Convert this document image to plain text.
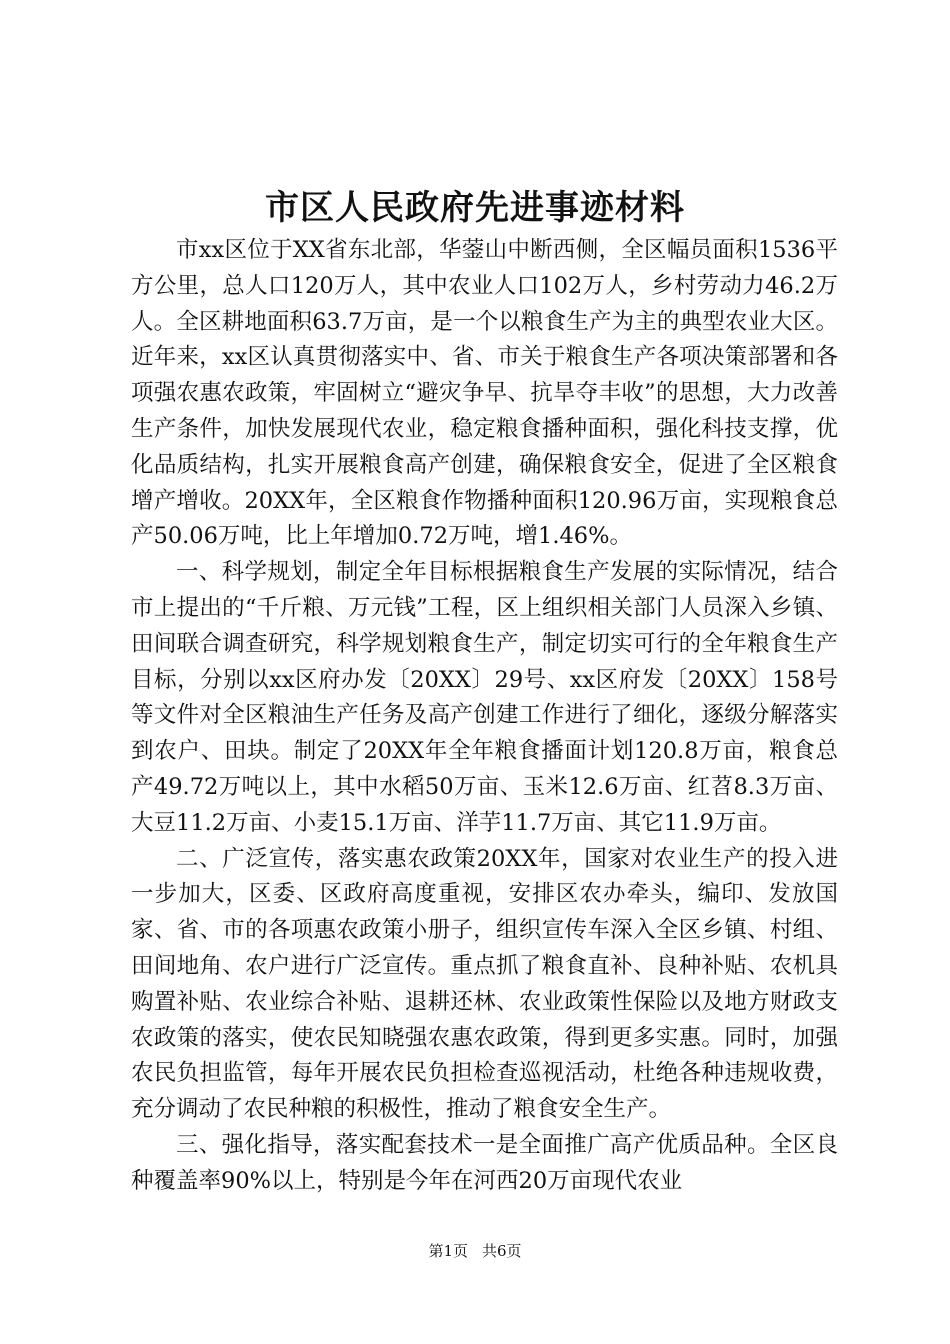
市区人民政府先进事迹材料

市xx区位于XX省东北部，华蓥山中断西侧，全区幅员面积1536平方公里，总人口120万人，其中农业人口102万人，乡村劳动力46.2万人。全区耕地面积63.7万亩，是一个以粮食生产为主的典型农业大区。近年来，xx区认真贯彻落实中、省、市关于粮食生产各项决策部署和各项强农惠农政策，牢固树立“避灾争早、抗旱夺丰收”的思想，大力改善生产条件，加快发展现代农业，稳定粮食播种面积，强化科技支撑，优化品质结构，扎实开展粮食高产创建，确保粮食安全，促进了全区粮食增产增收。20XX年，全区粮食作物播种面积120.96万亩，实现粮食总产50.06万吨，比上年增加0.72万吨，增1.46%。

一、科学规划，制定全年目标根据粮食生产发展的实际情况，结合市上提出的“千斤粮、万元钱”工程，区上组织相关部门人员深入乡镇、田间联合调查研究，科学规划粮食生产，制定切实可行的全年粮食生产目标，分别以xx区府办发〔20XX〕29号、xx区府发〔20XX〕158号等文件对全区粮油生产任务及高产创建工作进行了细化，逐级分解落实到农户、田块。制定了20XX年全年粮食播面计划120.8万亩，粮食总产49.72万吨以上，其中水稻50万亩、玉米12.6万亩、红苕8.3万亩、大豆11.2万亩、小麦15.1万亩、洋芋11.7万亩、其它11.9万亩。

二、广泛宣传，落实惠农政策20XX年，国家对农业生产的投入进一步加大，区委、区政府高度重视，安排区农办牵头，编印、发放国家、省、市的各项惠农政策小册子，组织宣传车深入全区乡镇、村组、田间地角、农户进行广泛宣传。重点抓了粮食直补、良种补贴、农机具购置补贴、农业综合补贴、退耕还林、农业政策性保险以及地方财政支农政策的落实，使农民知晓强农惠农政策，得到更多实惠。同时，加强农民负担监管，每年开展农民负担检查巡视活动，杜绝各种违规收费，充分调动了农民种粮的积极性，推动了粮食安全生产。

三、强化指导，落实配套技术一是全面推广高产优质品种。全区良种覆盖率90%以上，特别是今年在河西20万亩现代农业

第1页 共6页
